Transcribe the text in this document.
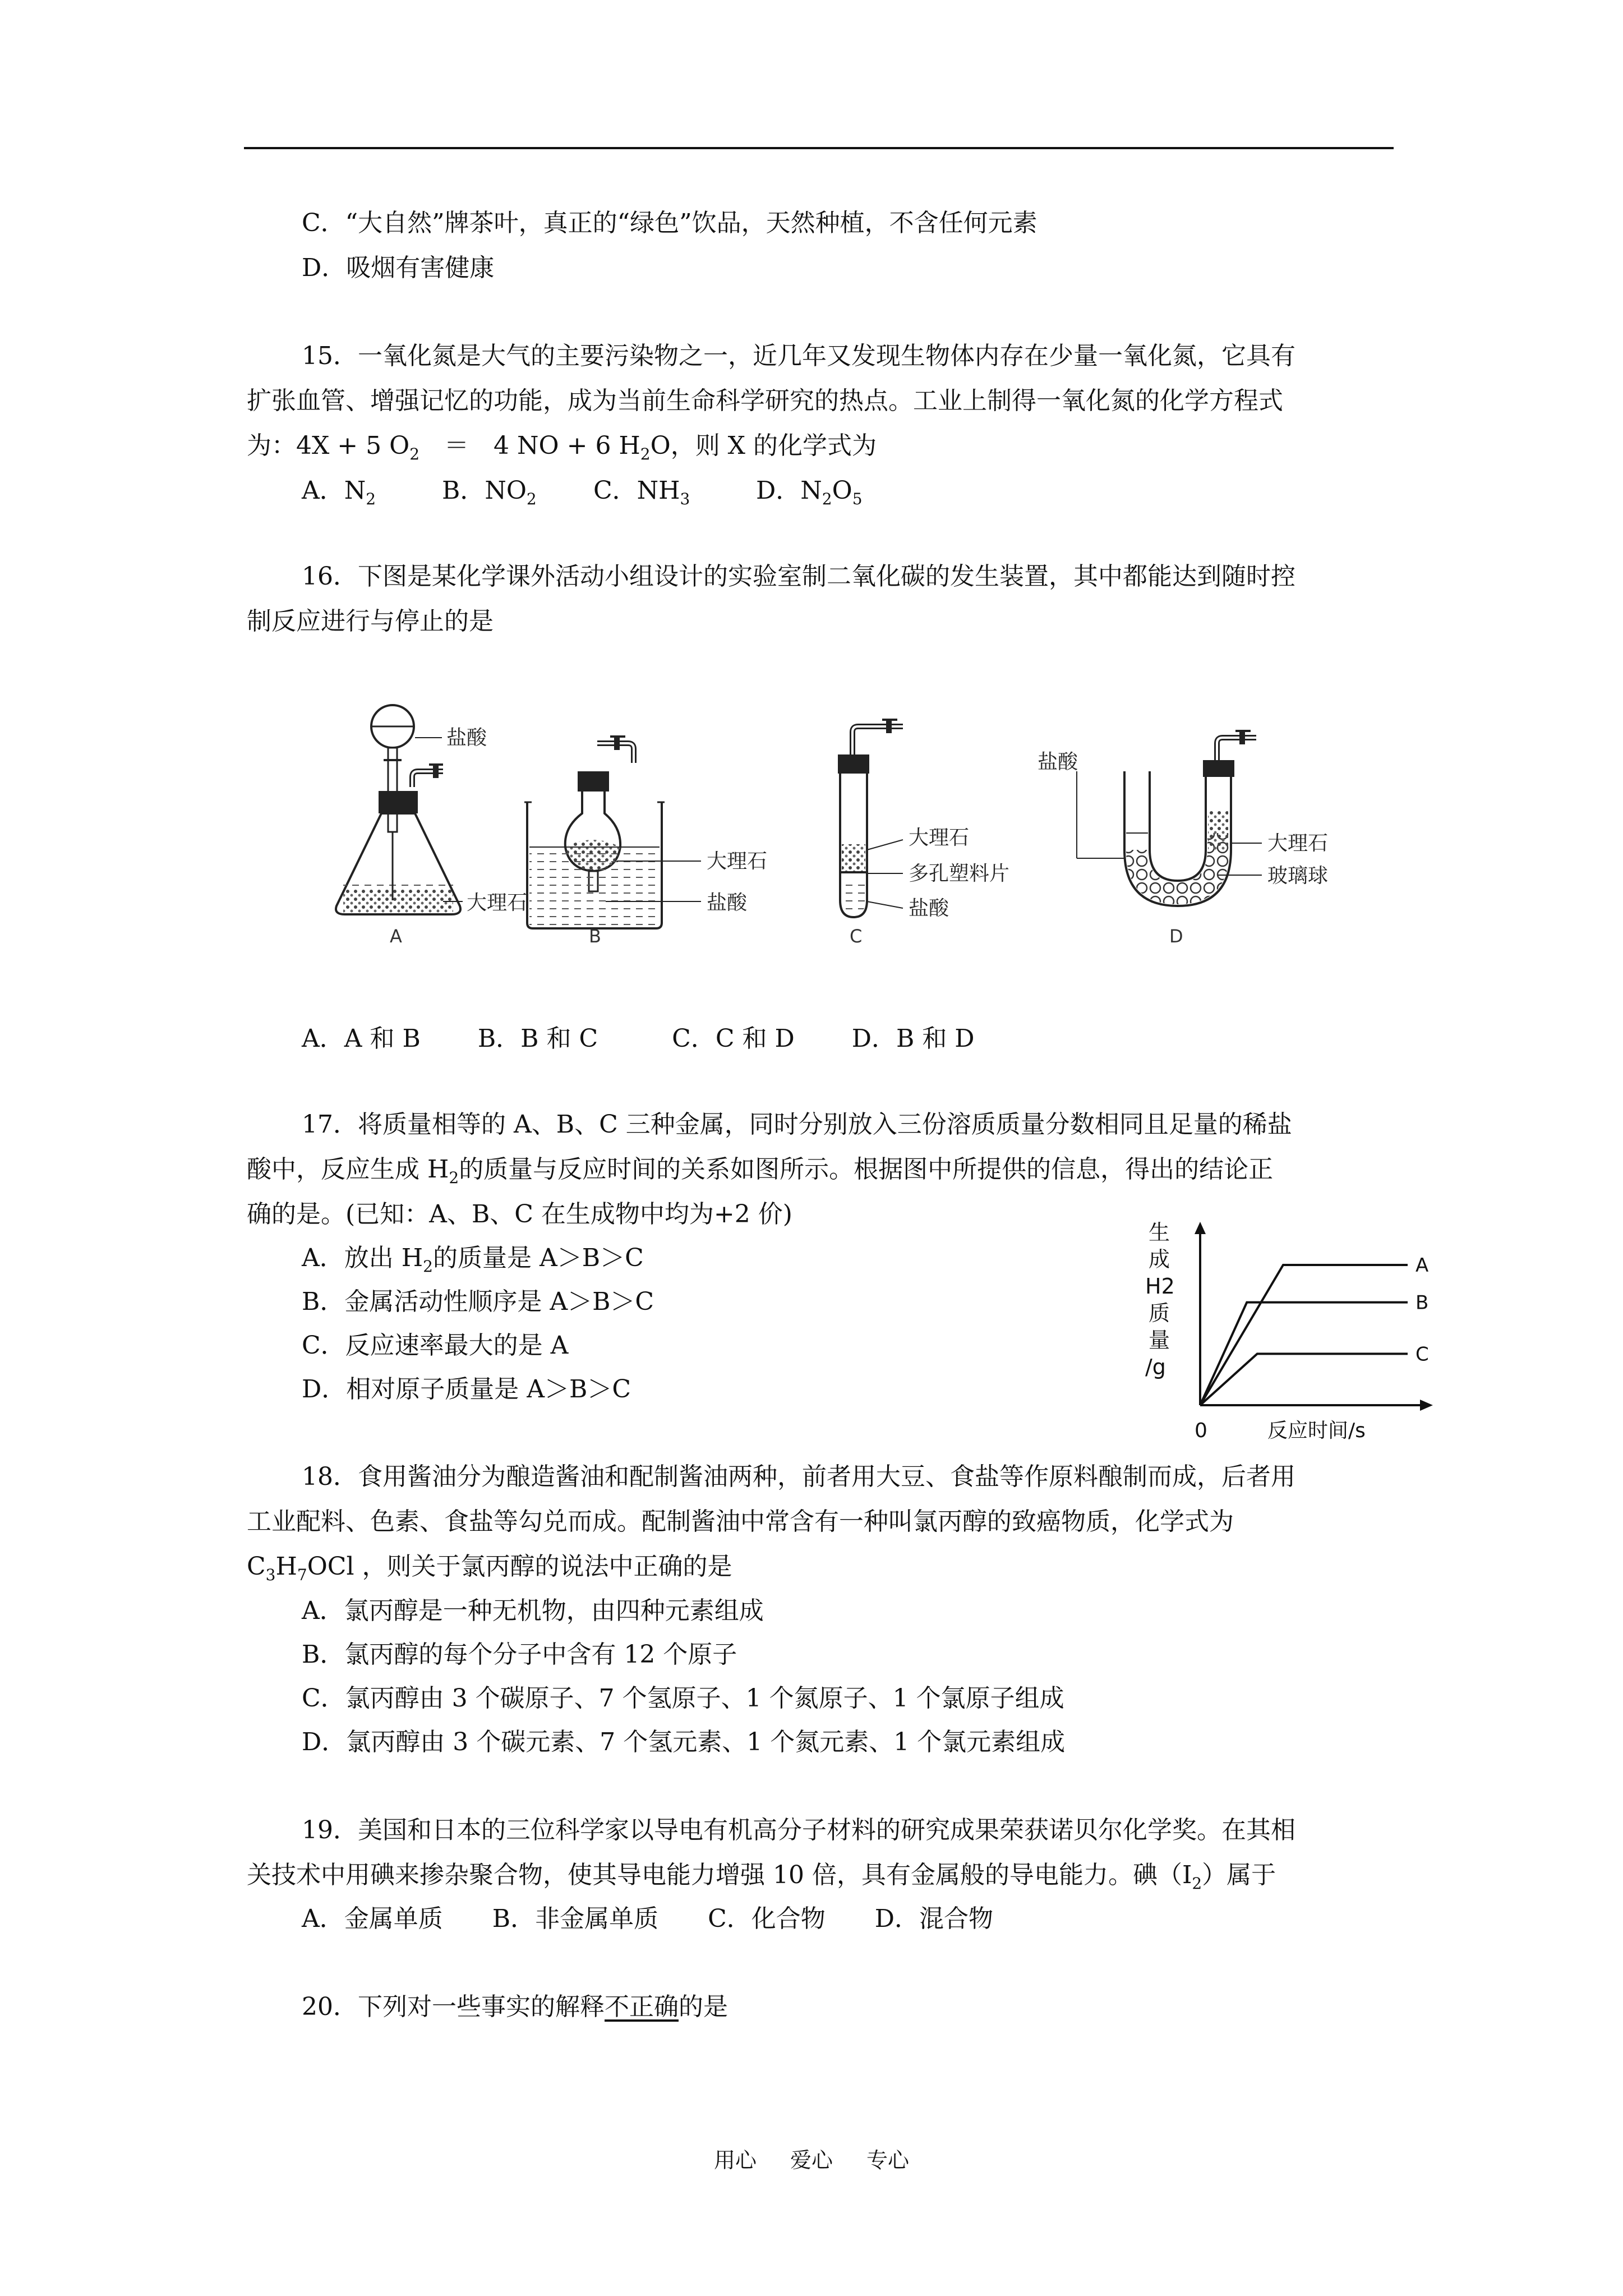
C．“大自然”牌茶叶，真正的“绿色”饮品，天然种植，不含任何元素
D．吸烟有害健康
15．一氧化氮是大气的主要污染物之一，近几年又发现生物体内存在少量一氧化氮，它具有
扩张血管、增强记忆的功能，成为当前生命科学研究的热点。工业上制得一氧化氮的化学方程式
为：4X + 5 $O_2$　＝　4 NO + 6 $H_2O$，则 X 的化学式为
A．$N_2$	B．$NO_2$ C．$NH_3$	D．$N_2O_5$
16．下图是某化学课外活动小组设计的实验室制二氧化碳的发生装置，其中都能达到随时控
制反应进行与停止的是
盐酸
大理石
A
大理石
盐酸
B
大理石
多孔塑料片
盐酸
C
盐酸
大理石
玻璃球
D
A．A 和 B　　 B．B 和 C　　　C．C 和 D　　 D．B 和 D
17．将质量相等的 A、B、C 三种金属，同时分别放入三份溶质质量分数相同且足量的稀盐
酸中，反应生成 $H_2$的质量与反应时间的关系如图所示。根据图中所提供的信息，得出的结论正
确的是。(已知：A、B、C 在生成物中均为+2 价)
A．放出 $H_2$的质量是 A＞B＞C
B．金属活动性顺序是 A＞B＞C
C．反应速率最大的是 A
D．相对原子质量是 A＞B＞C
生成 H2 质量/g
0	反应时间/s
A
B
C
18．食用酱油分为酿造酱油和配制酱油两种，前者用大豆、食盐等作原料酿制而成，后者用
工业配料、色素、食盐等勾兑而成。配制酱油中常含有一种叫氯丙醇的致癌物质，化学式为
$C_3H_7OCl$ ，则关于氯丙醇的说法中正确的是
A．氯丙醇是一种无机物，由四种元素组成
B．氯丙醇的每个分子中含有 12 个原子
C．氯丙醇由 3 个碳原子、7 个氢原子、1 个氮原子、1 个氯原子组成
D．氯丙醇由 3 个碳元素、7 个氢元素、1 个氮元素、1 个氯元素组成
19．美国和日本的三位科学家以导电有机高分子材料的研究成果荣获诺贝尔化学奖。在其相
关技术中用碘来掺杂聚合物，使其导电能力增强 10 倍，具有金属般的导电能力。碘$(I_2)$属于
A．金属单质　　B．非金属单质　　C．化合物　　D．混合物
20．下列对一些事实的解释不正确的是
用心 爱心 专心
